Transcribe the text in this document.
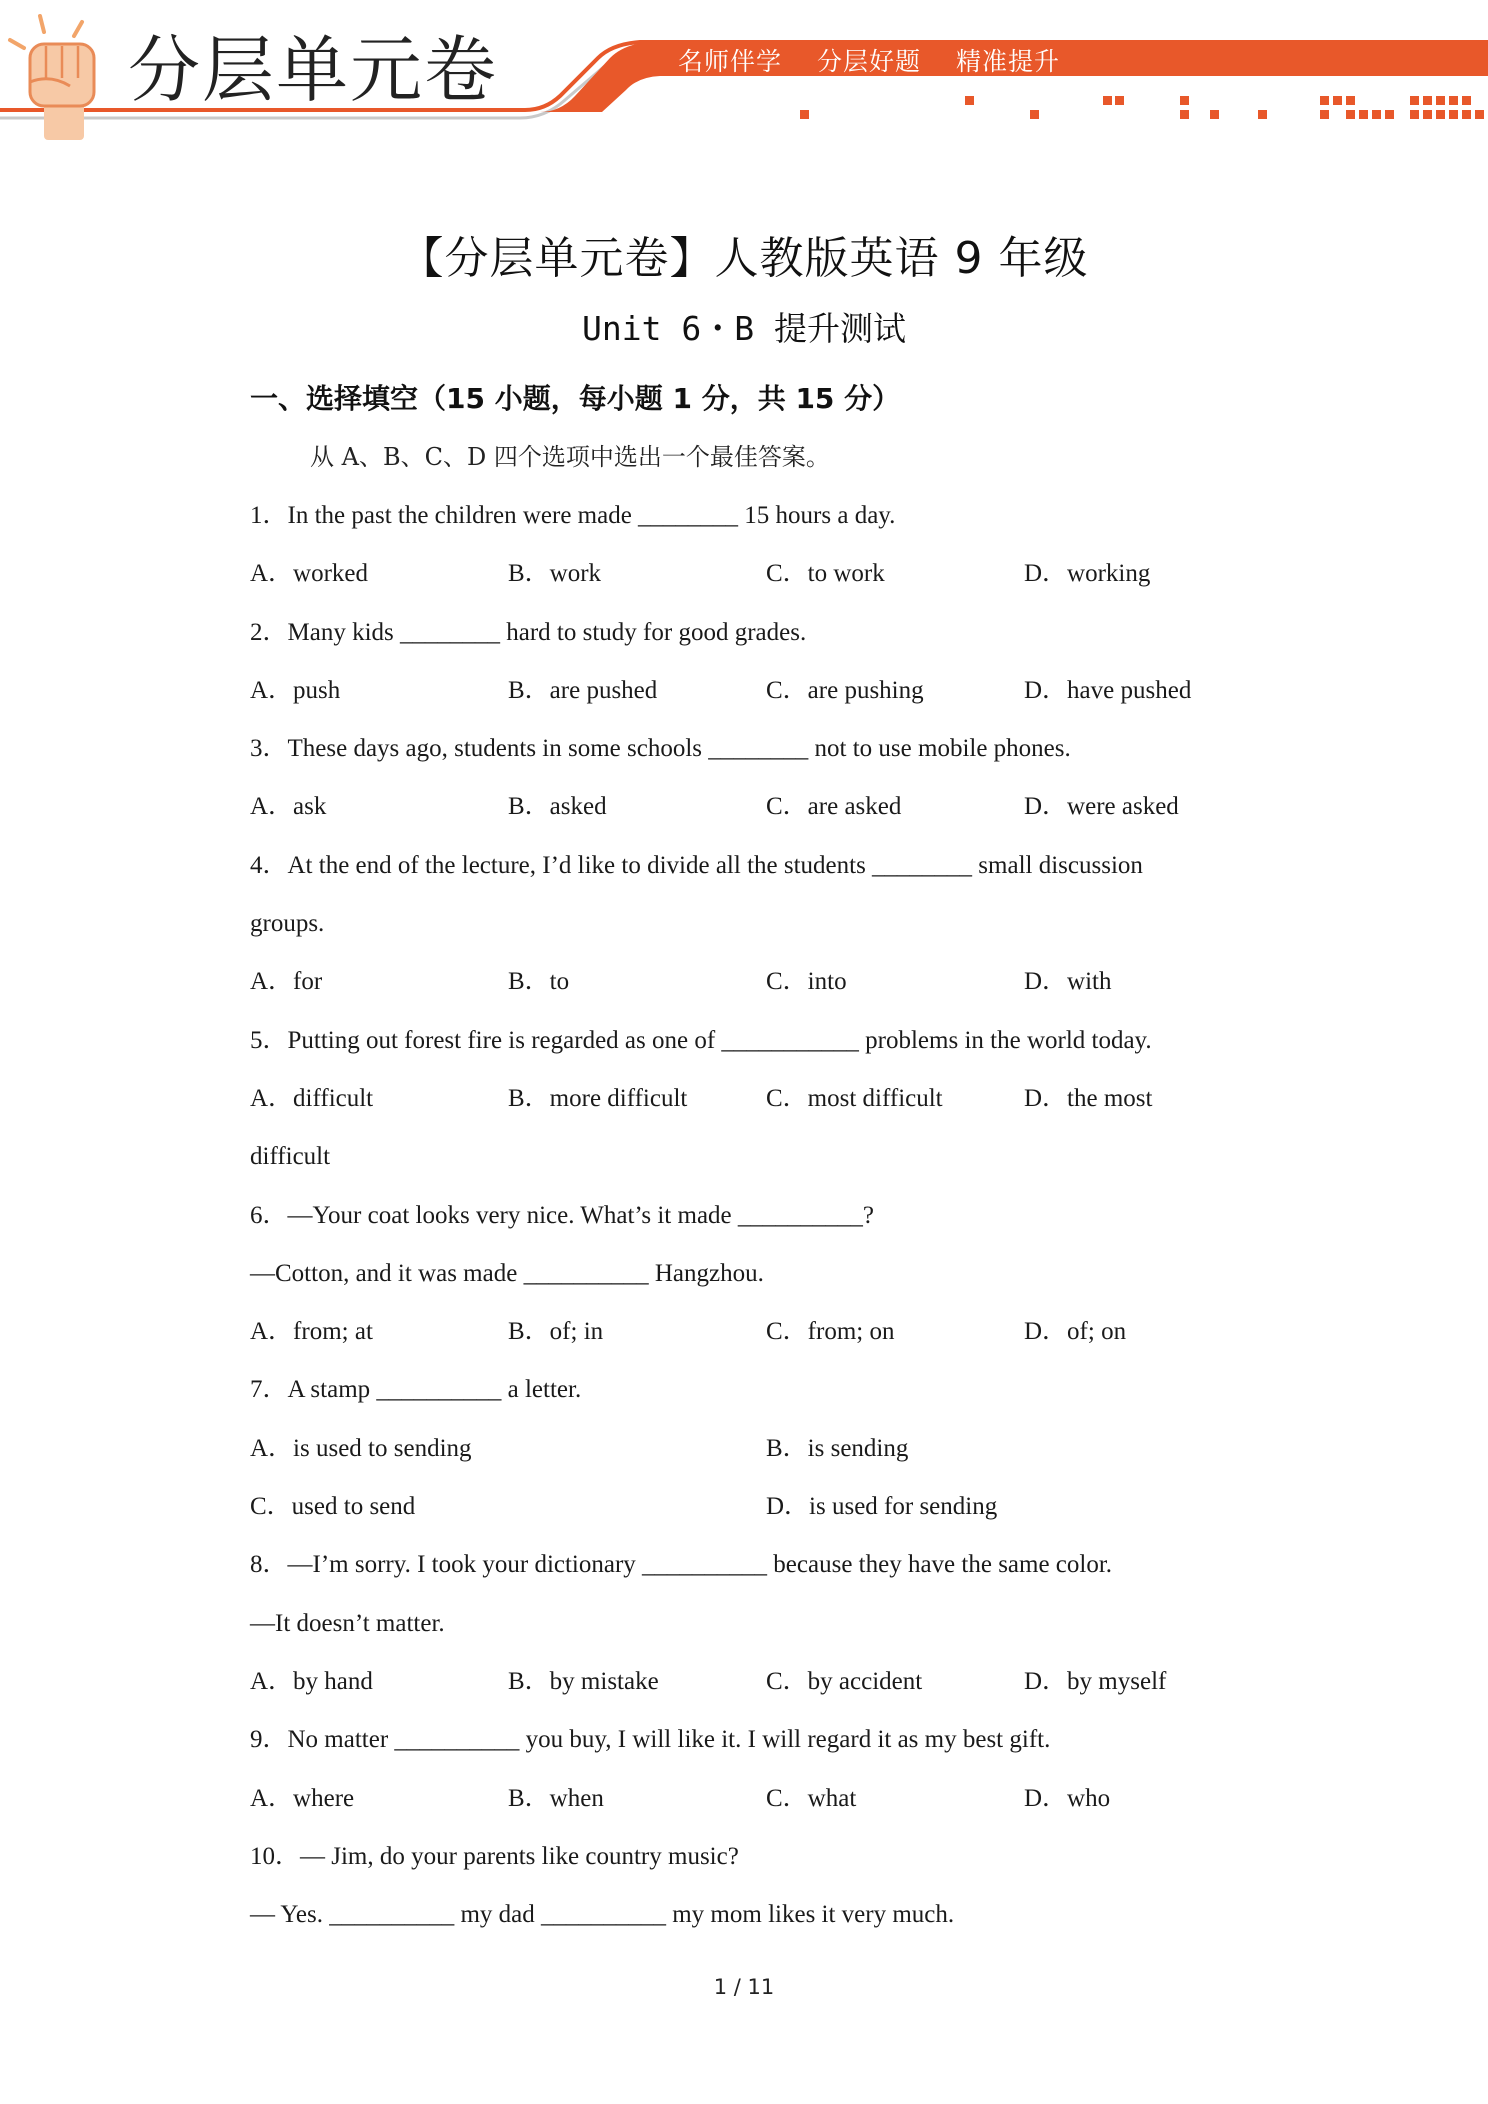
分层单元卷	名师伴学 分层好题 精准提升
【分层单元卷】人教版英语 9 年级
Unit 6・B 提升测试
一、选择填空（15 小题，每小题 1 分，共 15 分）
从 A、B、C、D 四个选项中选出一个最佳答案。
1．In the past the children were made ________ 15 hours a day.
A．worked	B．work	C．to work	D．working
2．Many kids ________ hard to study for good grades.
A．push	B．are pushed	C．are pushing	D．have pushed
3．These days ago, students in some schools ________ not to use mobile phones.
A．ask	B．asked	C．are asked	D．were asked
4．At the end of the lecture, I’d like to divide all the students ________ small discussion
groups.
A．for	B．to	C．into	D．with
5．Putting out forest fire is regarded as one of ___________ problems in the world today.
A．difficult	B．more difficult	C．most difficult	D．the most
difficult
6．—Your coat looks very nice. What’s it made __________?
—Cotton, and it was made __________ Hangzhou.
A．from; at	B．of; in	C．from; on	D．of; on
7．A stamp __________ a letter.
A．is used to sending	B．is sending
C．used to send	D．is used for sending
8．—I’m sorry. I took your dictionary __________ because they have the same color.
—It doesn’t matter.
A．by hand	B．by mistake	C．by accident	D．by myself
9．No matter __________ you buy, I will like it. I will regard it as my best gift.
A．where	B．when	C．what	D．who
10．— Jim, do your parents like country music?
— Yes. __________ my dad __________ my mom likes it very much.
1 / 11
